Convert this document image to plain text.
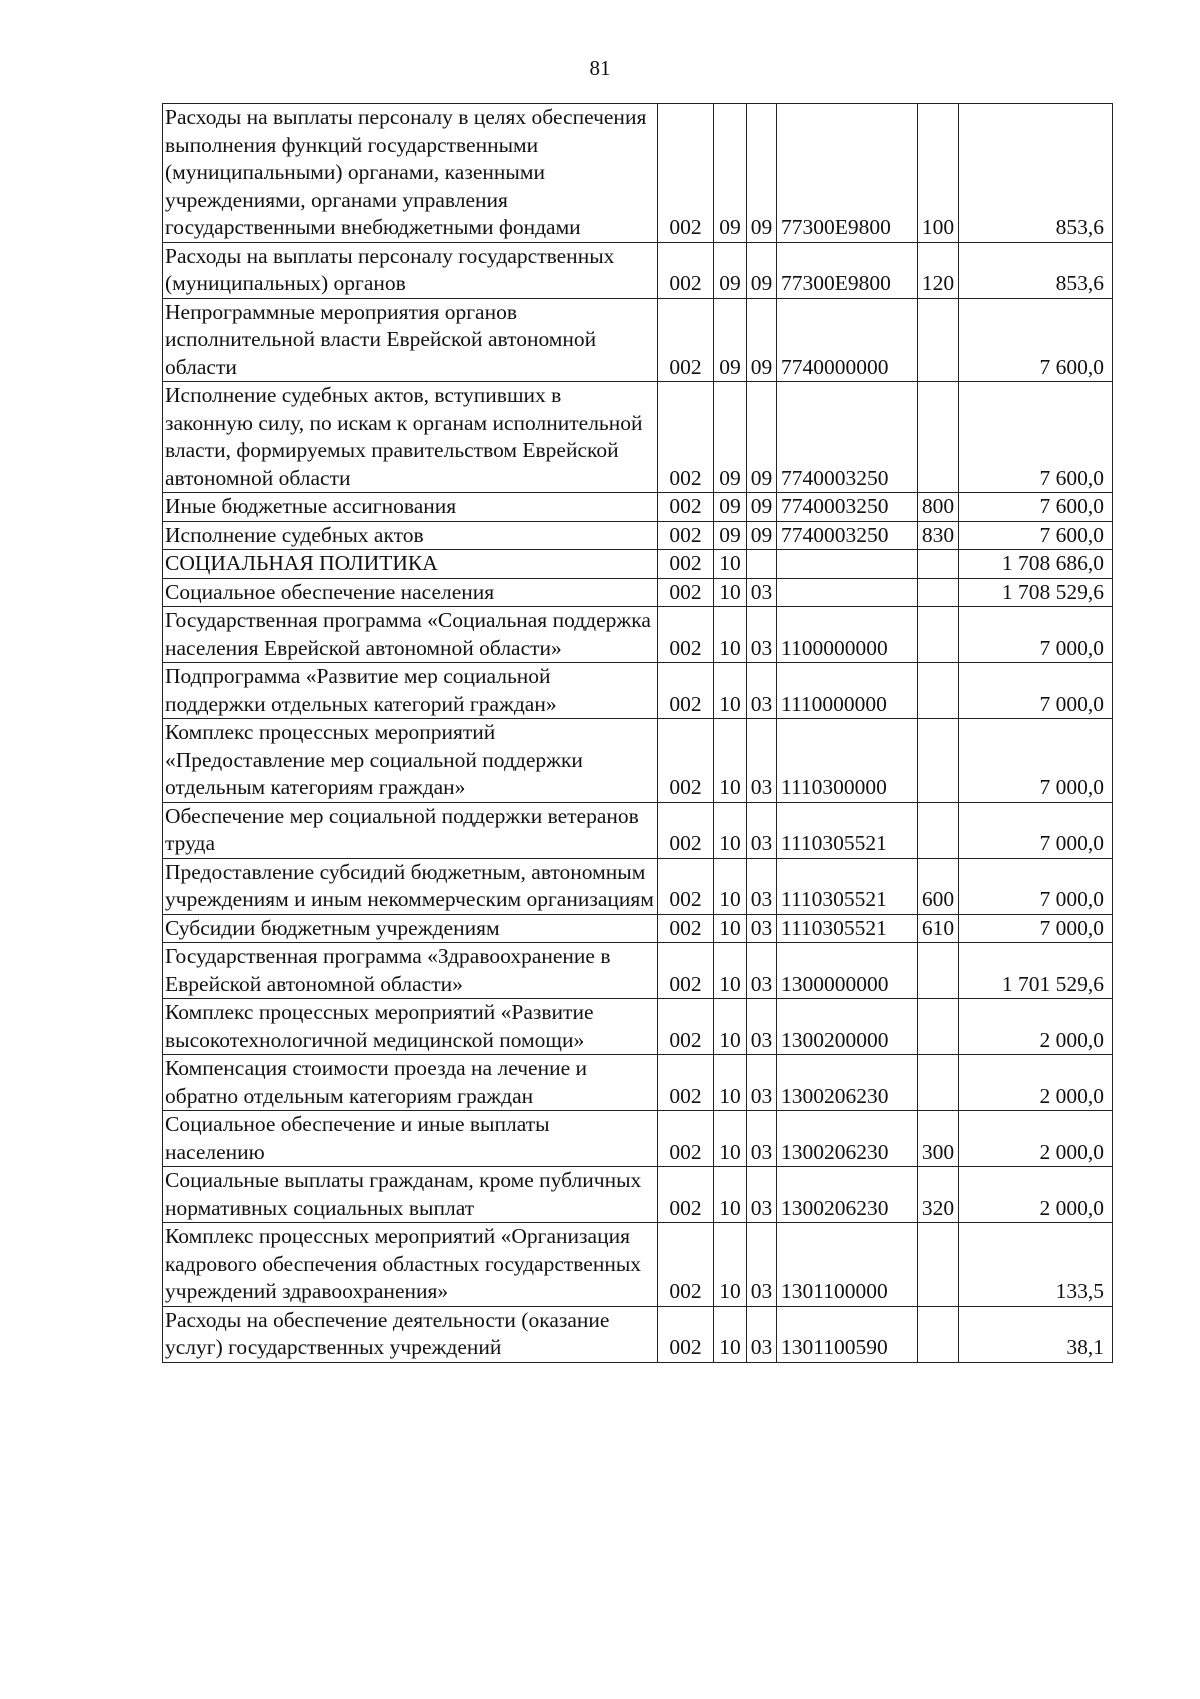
81
Расходы на выплаты персоналу в целях обеспечения выполнения функций государственными (муниципальными) органами, казенными учреждениями, органами управления государственными внебюджетными фондами	002	09	09	77300E9800	100	853,6
Расходы на выплаты персоналу государственных (муниципальных) органов	002	09	09	77300E9800	120	853,6
Непрограммные мероприятия органов исполнительной власти Еврейской автономной области	002	09	09	7740000000		7 600,0
Исполнение судебных актов, вступивших в законную силу, по искам к органам исполнительной власти, формируемых правительством Еврейской автономной области	002	09	09	7740003250		7 600,0
Иные бюджетные ассигнования	002	09	09	7740003250	800	7 600,0
Исполнение судебных актов	002	09	09	7740003250	830	7 600,0
СОЦИАЛЬНАЯ ПОЛИТИКА	002	10				1 708 686,0
Социальное обеспечение населения	002	10	03			1 708 529,6
Государственная программа «Социальная поддержка населения Еврейской автономной области»	002	10	03	1100000000		7 000,0
Подпрограмма «Развитие мер социальной поддержки отдельных категорий граждан»	002	10	03	1110000000		7 000,0
Комплекс процессных мероприятий «Предоставление мер социальной поддержки отдельным категориям граждан»	002	10	03	1110300000		7 000,0
Обеспечение мер социальной поддержки ветеранов труда	002	10	03	1110305521		7 000,0
Предоставление субсидий бюджетным, автономным учреждениям и иным некоммерческим организациям	002	10	03	1110305521	600	7 000,0
Субсидии бюджетным учреждениям	002	10	03	1110305521	610	7 000,0
Государственная программа «Здравоохранение в Еврейской автономной области»	002	10	03	1300000000		1 701 529,6
Комплекс процессных мероприятий «Развитие высокотехнологичной медицинской помощи»	002	10	03	1300200000		2 000,0
Компенсация стоимости проезда на лечение и обратно отдельным категориям граждан	002	10	03	1300206230		2 000,0
Социальное обеспечение и иные выплаты населению	002	10	03	1300206230	300	2 000,0
Социальные выплаты гражданам, кроме публичных нормативных социальных выплат	002	10	03	1300206230	320	2 000,0
Комплекс процессных мероприятий «Организация кадрового обеспечения областных государственных учреждений здравоохранения»	002	10	03	1301100000		133,5
Расходы на обеспечение деятельности (оказание услуг) государственных учреждений	002	10	03	1301100590		38,1
